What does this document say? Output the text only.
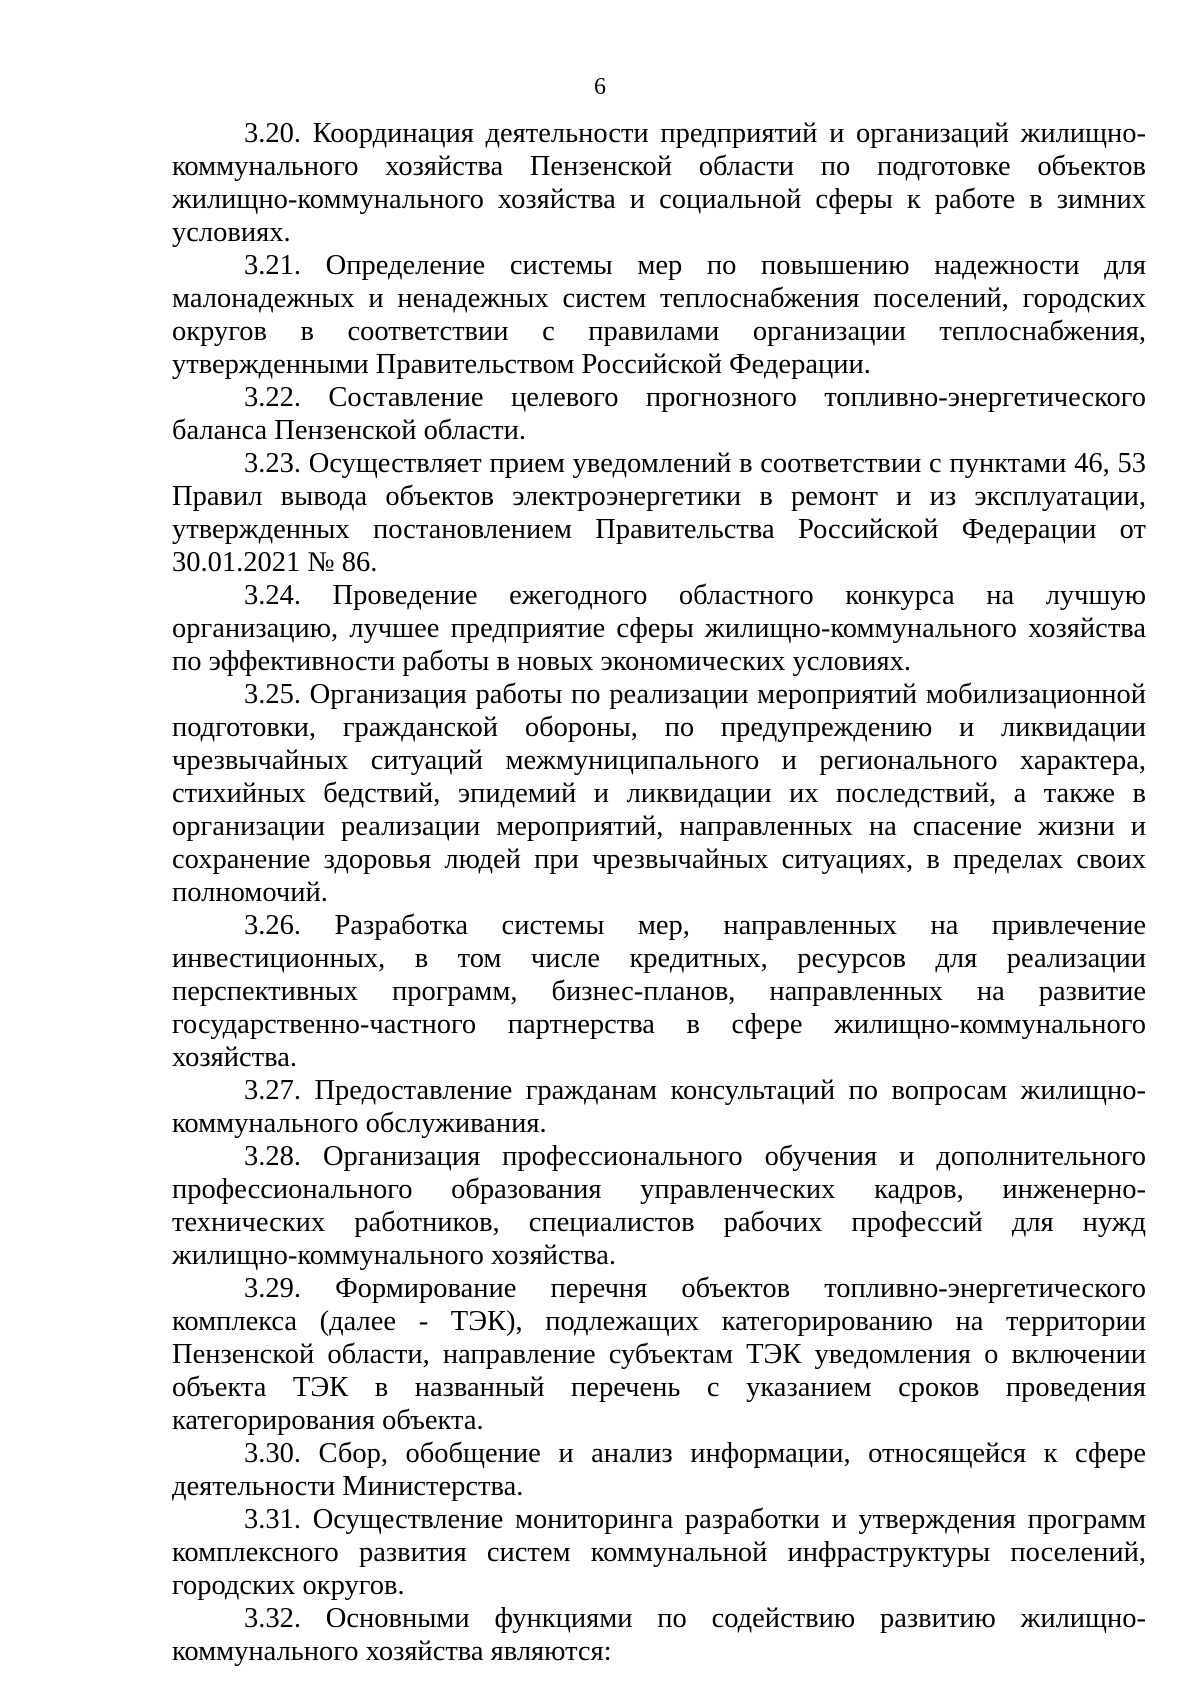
6

3.20. Координация деятельности предприятий и организаций жилищно-коммунального хозяйства Пензенской области по подготовке объектов жилищно-коммунального хозяйства и социальной сферы к работе в зимних условиях.

3.21. Определение системы мер по повышению надежности для малонадежных и ненадежных систем теплоснабжения поселений, городских округов в соответствии с правилами организации теплоснабжения, утвержденными Правительством Российской Федерации.

3.22. Составление целевого прогнозного топливно-энергетического баланса Пензенской области.

3.23. Осуществляет прием уведомлений в соответствии с пунктами 46, 53 Правил вывода объектов электроэнергетики в ремонт и из эксплуатации, утвержденных постановлением Правительства Российской Федерации от 30.01.2021 № 86.

3.24. Проведение ежегодного областного конкурса на лучшую организацию, лучшее предприятие сферы жилищно-коммунального хозяйства по эффективности работы в новых экономических условиях.

3.25. Организация работы по реализации мероприятий мобилизационной подготовки, гражданской обороны, по предупреждению и ликвидации чрезвычайных ситуаций межмуниципального и регионального характера, стихийных бедствий, эпидемий и ликвидации их последствий, а также в организации реализации мероприятий, направленных на спасение жизни и сохранение здоровья людей при чрезвычайных ситуациях, в пределах своих полномочий.

3.26. Разработка системы мер, направленных на привлечение инвестиционных, в том числе кредитных, ресурсов для реализации перспективных программ, бизнес-планов, направленных на развитие государственно-частного партнерства в сфере жилищно-коммунального хозяйства.

3.27. Предоставление гражданам консультаций по вопросам жилищно-коммунального обслуживания.

3.28. Организация профессионального обучения и дополнительного профессионального образования управленческих кадров, инженерно-технических работников, специалистов рабочих профессий для нужд жилищно-коммунального хозяйства.

3.29. Формирование перечня объектов топливно-энергетического комплекса (далее - ТЭК), подлежащих категорированию на территории Пензенской области, направление субъектам ТЭК уведомления о включении объекта ТЭК в названный перечень с указанием сроков проведения категорирования объекта.

3.30. Сбор, обобщение и анализ информации, относящейся к сфере деятельности Министерства.

3.31. Осуществление мониторинга разработки и утверждения программ комплексного развития систем коммунальной инфраструктуры поселений, городских округов.

3.32. Основными функциями по содействию развитию жилищно-коммунального хозяйства являются:
